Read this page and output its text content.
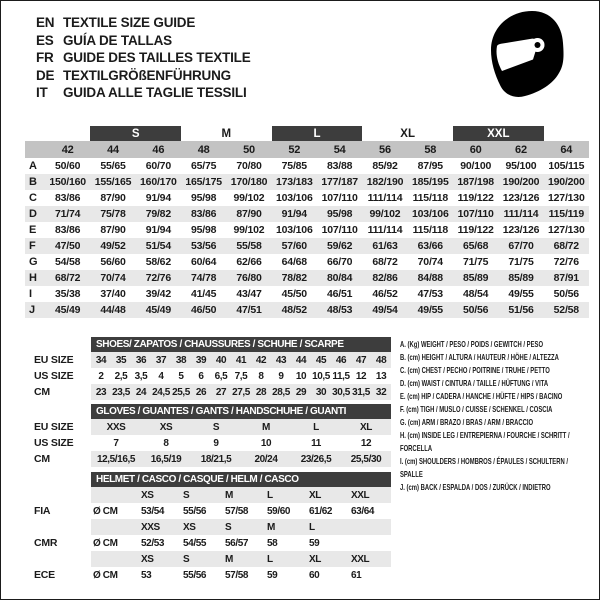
EN TEXTILE SIZE GUIDE
ES GUÍA DE TALLAS
FR GUIDE DES TAILLES TEXTILE
DE TEXTILGRÖßENFÜHRUNG
IT	GUIDA ALLE TAGLIE TESSILI
		S		M		L		XL		XXL		
	42	44	46	48	50	52	54	56	58	60	62	64
A	50/60	55/65	60/70	65/75	70/80	75/85	83/88	85/92	87/95	90/100	95/100	105/115
B	150/160	155/165	160/170	165/175	170/180	173/183	177/187	182/190	185/195	187/198	190/200	190/200
C	83/86	87/90	91/94	95/98	99/102	103/106	107/110	111/114	115/118	119/122	123/126	127/130
D	71/74	75/78	79/82	83/86	87/90	91/94	95/98	99/102	103/106	107/110	111/114	115/119
E	83/86	87/90	91/94	95/98	99/102	103/106	107/110	111/114	115/118	119/122	123/126	127/130
F	47/50	49/52	51/54	53/56	55/58	57/60	59/62	61/63	63/66	65/68	67/70	68/72
G	54/58	56/60	58/62	60/64	62/66	64/68	66/70	68/72	70/74	71/75	71/75	72/76
H	68/72	70/74	72/76	74/78	76/80	78/82	80/84	82/86	84/88	85/89	85/89	87/91
I	35/38	37/40	39/42	41/45	43/47	45/50	46/51	46/52	47/53	48/54	49/55	50/56
J	45/49	44/48	45/49	46/50	47/51	48/52	48/53	49/54	49/55	50/56	51/56	52/58
	SHOES/ ZAPATOS / CHAUSSURES / SCHUHE / SCARPE														
EU SIZE	34	35	36	37	38	39	40	41	42	43	44	45	46	47	48
US SIZE	2	2,5	3,5	4	5	6	6,5	7,5	8	9	10	10,5	11,5	12	13
CM	23	23,5	24	24,5	25,5	26	27	27,5	28	28,5	29	30	30,5	31,5	32
	GLOVES / GUANTES / GANTS / HANDSCHUHE / GUANTI					
EU SIZE	XXS	XS	S	M	L	XL
US SIZE	7	8	9	10	11	12
CM	12,5/16,5	16,5/19	18/21,5	20/24	23/26,5	25,5/30
	HELMET / CASCO / CASQUE / HELM / CASCO						
		XS	S	M	L	XL	XXL
FIA	Ø CM	53/54	55/56	57/58	59/60	61/62	63/64
		XXS	XS	S	M	L	
CMR	Ø CM	52/53	54/55	56/57	58	59	
		XS	S	M	L	XL	XXL
ECE	Ø CM	53	55/56	57/58	59	60	61
A. (Kg) WEIGHT / PESO / POIDS / GEWITCH / PESO
B. (cm) HEIGHT / ALTURA / HAUTEUR / HÖHE / ALTEZZA
C. (cm) CHEST / PECHO / POITRINE / TRUHE / PETTO
D. (cm) WAIST / CINTURA / TAILLE / HÜFTUNG / VITA
E. (cm) HIP / CADERA / HANCHE / HÜFTE / HIPS / BACINO
F. (cm) TIGH / MUSLO / CUISSE / SCHENKEL / COSCIA
G. (cm) ARM / BRAZO / BRAS / ARM / BRACCIO
H. (cm) INSIDE LEG / ENTREPIERNA / FOURCHE / SCHRITT / FORCELLA
I. (cm) SHOULDERS / HOMBROS / ÉPAULES / SCHULTERN / SPALLE
J. (cm) BACK / ESPALDA / DOS / ZURÜCK / INDIETRO
